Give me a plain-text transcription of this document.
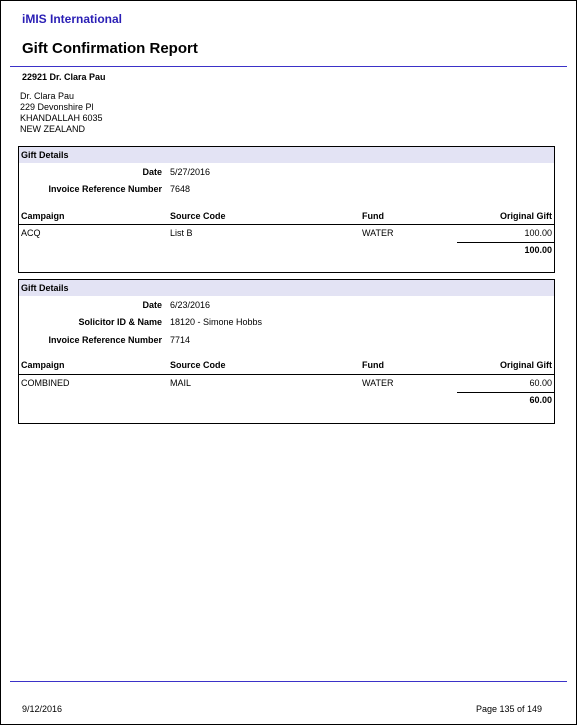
iMIS International
Gift Confirmation Report
22921 Dr. Clara Pau
Dr. Clara Pau
229 Devonshire Pl
KHANDALLAH 6035
NEW ZEALAND
Gift Details
Date 5/27/2016
Invoice Reference Number 7648
Campaign	Source Code	Fund	Original Gift
ACQ	List B	WATER	100.00
100.00
Gift Details
Date 6/23/2016
Solicitor ID & Name 18120 - Simone Hobbs
Invoice Reference Number 7714
Campaign	Source Code	Fund	Original Gift
COMBINED	MAIL	WATER	60.00
60.00
9/12/2016	Page 135 of 149
